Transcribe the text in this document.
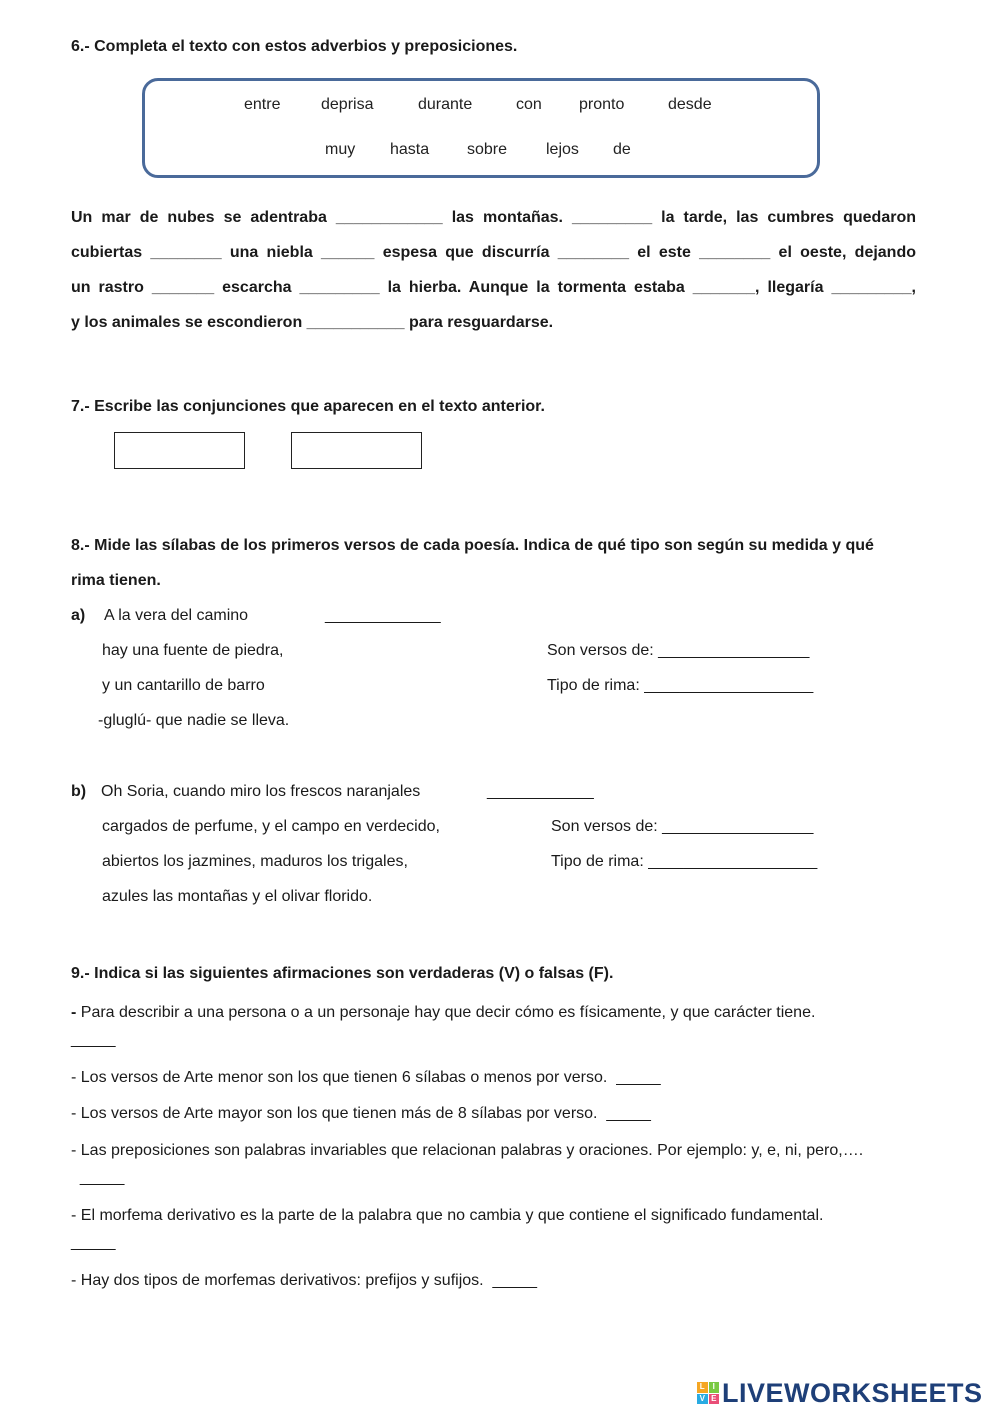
6.- Completa el texto con estos adverbios y preposiciones.
entre	deprisa	durante	con pronto	desde
muy hasta sobre lejos de
Un mar de nubes se adentraba ____________ las montañas. _________ la tarde, las cumbres quedaron
cubiertas ________ una niebla ______ espesa que discurría ________ el este ________ el oeste, dejando
un rastro _______ escarcha _________ la hierba. Aunque la tormenta estaba _______, llegaría _________,
y los animales se escondieron ___________ para resguardarse.
7.- Escribe las conjunciones que aparecen en el texto anterior.
8.- Mide las sílabas de los primeros versos de cada poesía. Indica de qué tipo son según su medida y qué
rima tienen.
a) A la vera del camino	_____________
hay una fuente de piedra,
y un cantarillo de barro
-gluglú- que nadie se lleva.
Son versos de: _________________
Tipo de rima: ___________________
b) Oh Soria, cuando miro los frescos naranjales	____________
cargados de perfume, y el campo en verdecido,
abiertos los jazmines, maduros los trigales,
azules las montañas y el olivar florido.
Son versos de: _________________
Tipo de rima: ___________________
9.- Indica si las siguientes afirmaciones son verdaderas (V) o falsas (F).
- Para describir a una persona o a un personaje hay que decir cómo es físicamente, y que carácter tiene.
_____
- Los versos de Arte menor son los que tienen 6 sílabas o menos por verso.  _____
- Los versos de Arte mayor son los que tienen más de 8 sílabas por verso.  _____
- Las preposiciones son palabras invariables que relacionan palabras y oraciones. Por ejemplo: y, e, ni, pero,….  _____
- El morfema derivativo es la parte de la palabra que no cambia y que contiene el significado fundamental.
_____
- Hay dos tipos de morfemas derivativos: prefijos y sufijos.  _____
L I
V E LIVEWORKSHEETS
